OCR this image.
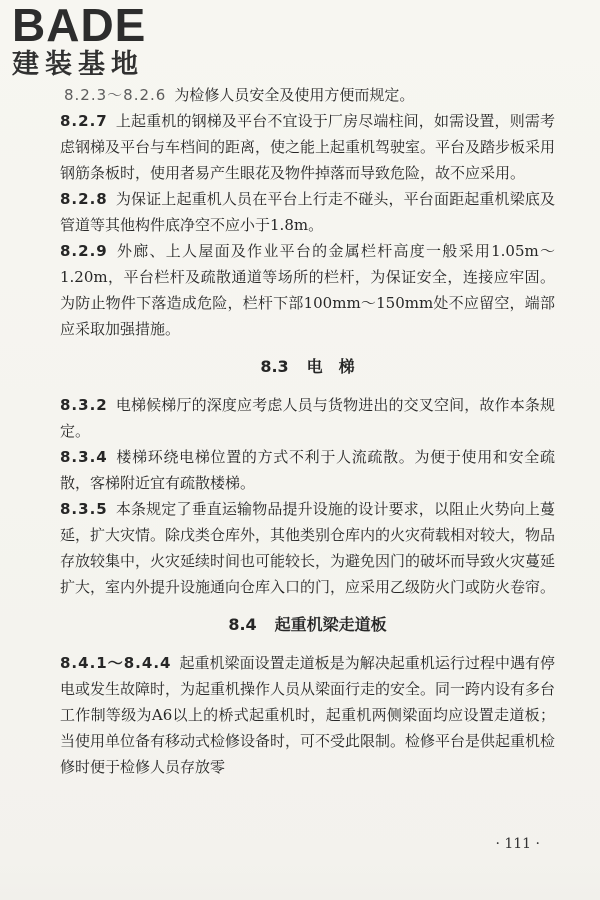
BADE
建装基地

8.2.3～8.2.6 为检修人员安全及使用方便而规定。

8.2.7 上起重机的钢梯及平台不宜设于厂房尽端柱间，如需设置，则需考虑钢梯及平台与车档间的距离，使之能上起重机驾驶室。平台及踏步板采用钢筋条板时，使用者易产生眼花及物件掉落而导致危险，故不应采用。

8.2.8 为保证上起重机人员在平台上行走不碰头，平台面距起重机梁底及管道等其他构件底净空不应小于1.8m。

8.2.9 外廊、上人屋面及作业平台的金属栏杆高度一般采用1.05m～1.20m，平台栏杆及疏散通道等场所的栏杆，为保证安全，连接应牢固。为防止物件下落造成危险，栏杆下部100mm～150mm处不应留空，端部应采取加强措施。

8.3 电　梯

8.3.2 电梯候梯厅的深度应考虑人员与货物进出的交叉空间，故作本条规定。

8.3.4 楼梯环绕电梯位置的方式不利于人流疏散。为便于使用和安全疏散，客梯附近宜有疏散楼梯。

8.3.5 本条规定了垂直运输物品提升设施的设计要求，以阻止火势向上蔓延，扩大灾情。除戊类仓库外，其他类别仓库内的火灾荷载相对较大，物品存放较集中，火灾延续时间也可能较长，为避免因门的破坏而导致火灾蔓延扩大，室内外提升设施通向仓库入口的门，应采用乙级防火门或防火卷帘。

8.4 起重机梁走道板

8.4.1～8.4.4 起重机梁面设置走道板是为解决起重机运行过程中遇有停电或发生故障时，为起重机操作人员从梁面行走的安全。同一跨内设有多台工作制等级为A6以上的桥式起重机时，起重机两侧梁面均应设置走道板；当使用单位备有移动式检修设备时，可不受此限制。检修平台是供起重机检修时便于检修人员存放零

· 111 ·
